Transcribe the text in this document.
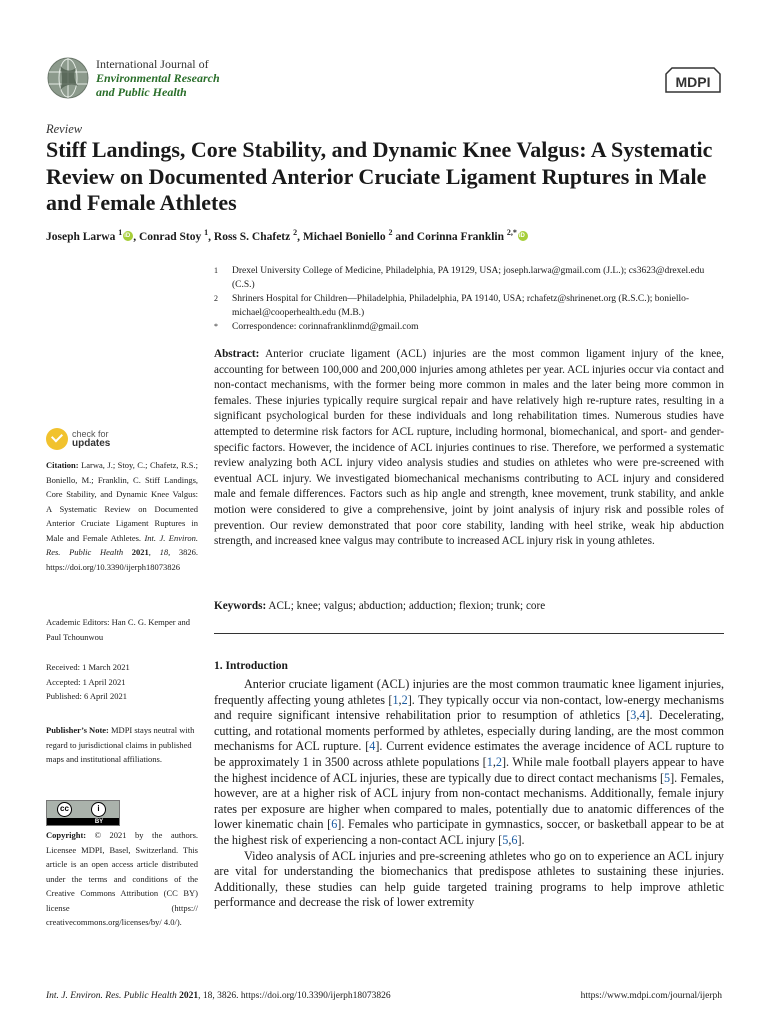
International Journal of
Environmental Research
and Public Health
MDPI
Review
Stiff Landings, Core Stability, and Dynamic Knee Valgus: A Systematic Review on Documented Anterior Cruciate Ligament Ruptures in Male and Female Athletes
Joseph Larwa $^1$iD , Conrad Stoy $^1$, Ross S. Chafetz $^2$, Michael Boniello $^2$ and Corinna Franklin $^{2,*}$iD
1	Drexel University College of Medicine, Philadelphia, PA 19129, USA; joseph.larwa@gmail.com (J.L.); cs3623@drexel.edu (C.S.)
2	Shriners Hospital for Children—Philadelphia, Philadelphia, PA 19140, USA; rchafetz@shrinenet.org (R.S.C.); boniello-michael@cooperhealth.edu (M.B.)
*	Correspondence: corinnafranklinmd@gmail.com

Abstract: Anterior cruciate ligament (ACL) injuries are the most common ligament injury of the knee, accounting for between 100,000 and 200,000 injuries among athletes per year. ACL injuries occur via contact and non-contact mechanisms, with the former being more common in males and the later being more common in females. These injuries typically require surgical repair and have relatively high re-rupture rates, resulting in a significant psychological burden for these individuals and long rehabilitation times. Numerous studies have attempted to determine risk factors for ACL rupture, including hormonal, biomechanical, and sport- and gender-specific factors. However, the incidence of ACL injuries continues to rise. Therefore, we performed a systematic review analyzing both ACL injury video analysis studies and studies on athletes who were pre-screened with eventual ACL injury. We investigated biomechanical mechanisms contributing to ACL injury and considered male and female differences. Factors such as hip angle and strength, knee movement, trunk stability, and ankle motion were considered to give a comprehensive, joint by joint analysis of injury risk and possible roles of prevention. Our review demonstrated that poor core stability, landing with heel strike, weak hip abduction strength, and increased knee valgus may contribute to increased ACL injury risk in young athletes.

Keywords: ACL; knee; valgus; abduction; adduction; flexion; trunk; core

check for
updates

Citation: Larwa, J.; Stoy, C.; Chafetz, R.S.; Boniello, M.; Franklin, C. Stiff Landings, Core Stability, and Dynamic Knee Valgus: A Systematic Review on Documented Anterior Cruciate Ligament Ruptures in Male and Female Athletes. Int. J. Environ. Res. Public Health 2021, 18, 3826. https://doi.org/10.3390/ijerph18073826

Academic Editors: Han C. G. Kemper and Paul Tchounwou

Received: 1 March 2021
Accepted: 1 April 2021
Published: 6 April 2021

Publisher’s Note: MDPI stays neutral with regard to jurisdictional claims in published maps and institutional affiliations.

cc	i
BY

Copyright: © 2021 by the authors. Licensee MDPI, Basel, Switzerland. This article is an open access article distributed under the terms and conditions of the Creative Commons Attribution (CC BY) license (https:// creativecommons.org/licenses/by/ 4.0/).

1. Introduction

Anterior cruciate ligament (ACL) injuries are the most common traumatic knee ligament injuries, frequently affecting young athletes [1,2]. They typically occur via non-contact, low-energy mechanisms and require significant intensive rehabilitation prior to resumption of athletics [3,4]. Decelerating, cutting, and rotational moments performed by athletes, especially during landing, are the most common mechanisms for ACL rupture. [4]. Current evidence estimates the average incidence of ACL rupture to be approximately 1 in 3500 across athlete populations [1,2]. While male football players appear to have the highest incidence of ACL injuries, these are typically due to direct contact mechanisms [5]. Females, however, are at a higher risk of ACL injury from non-contact mechanisms. Additionally, female injury rates per exposure are higher when compared to males, potentially due to anatomic differences of the lower kinematic chain [6]. Females who participate in gymnastics, soccer, or basketball appear to be at the highest risk of experiencing a non-contact ACL injury [5,6].

Video analysis of ACL injuries and pre-screening athletes who go on to experience an ACL injury are vital for understanding the biomechanics that predispose athletes to sustaining these injuries. Additionally, these studies can help guide targeted training programs to help improve athletic performance and decrease the risk of lower extremity

Int. J. Environ. Res. Public Health 2021, 18, 3826. https://doi.org/10.3390/ijerph18073826	https://www.mdpi.com/journal/ijerph
